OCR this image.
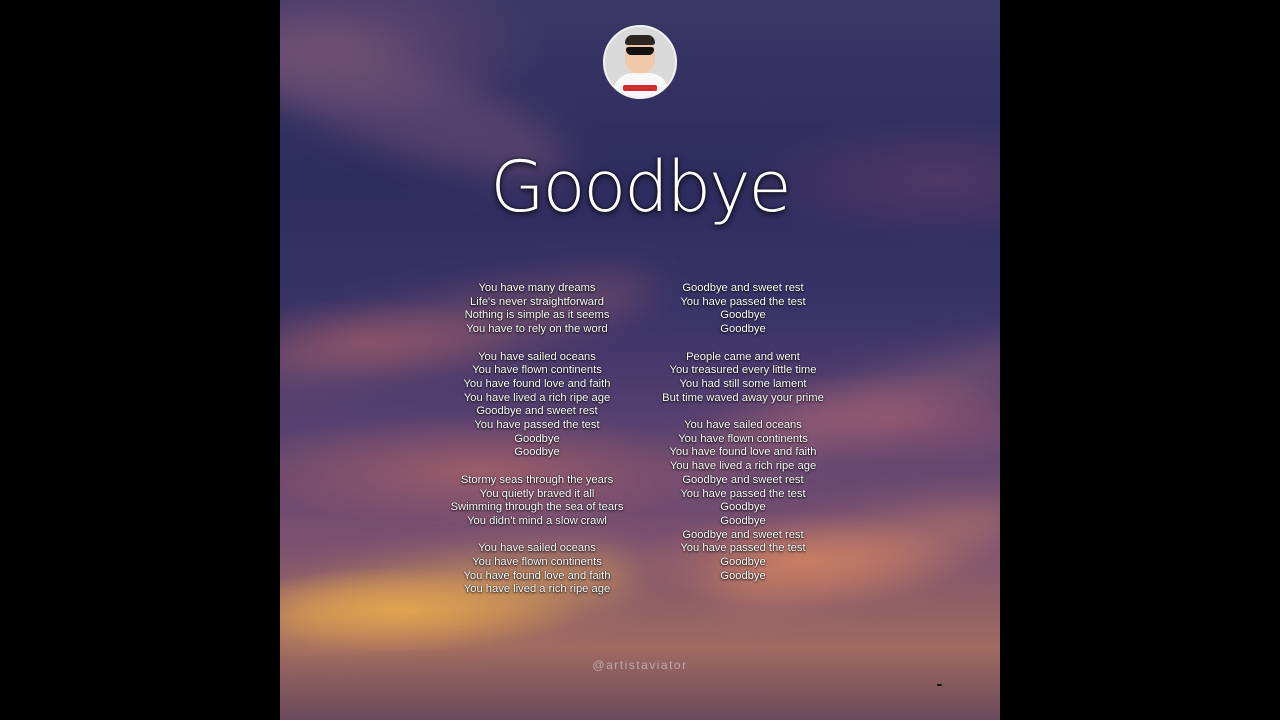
Goodbye
You have many dreams
Life's never straightforward
Nothing is simple as it seems
You have to rely on the word
You have sailed oceans
You have flown continents
You have found love and faith
You have lived a rich ripe age
Goodbye and sweet rest
You have passed the test
Goodbye
Goodbye
Stormy seas through the years
You quietly braved it all
Swimming through the sea of tears
You didn't mind a slow crawl
You have sailed oceans
You have flown continents
You have found love and faith
You have lived a rich ripe age
Goodbye and sweet rest
You have passed the test
Goodbye
Goodbye
People came and went
You treasured every little time
You had still some lament
But time waved away your prime
You have sailed oceans
You have flown continents
You have found love and faith
You have lived a rich ripe age
Goodbye and sweet rest
You have passed the test
Goodbye
Goodbye
Goodbye and sweet rest
You have passed the test
Goodbye
Goodbye
@artistaviator
